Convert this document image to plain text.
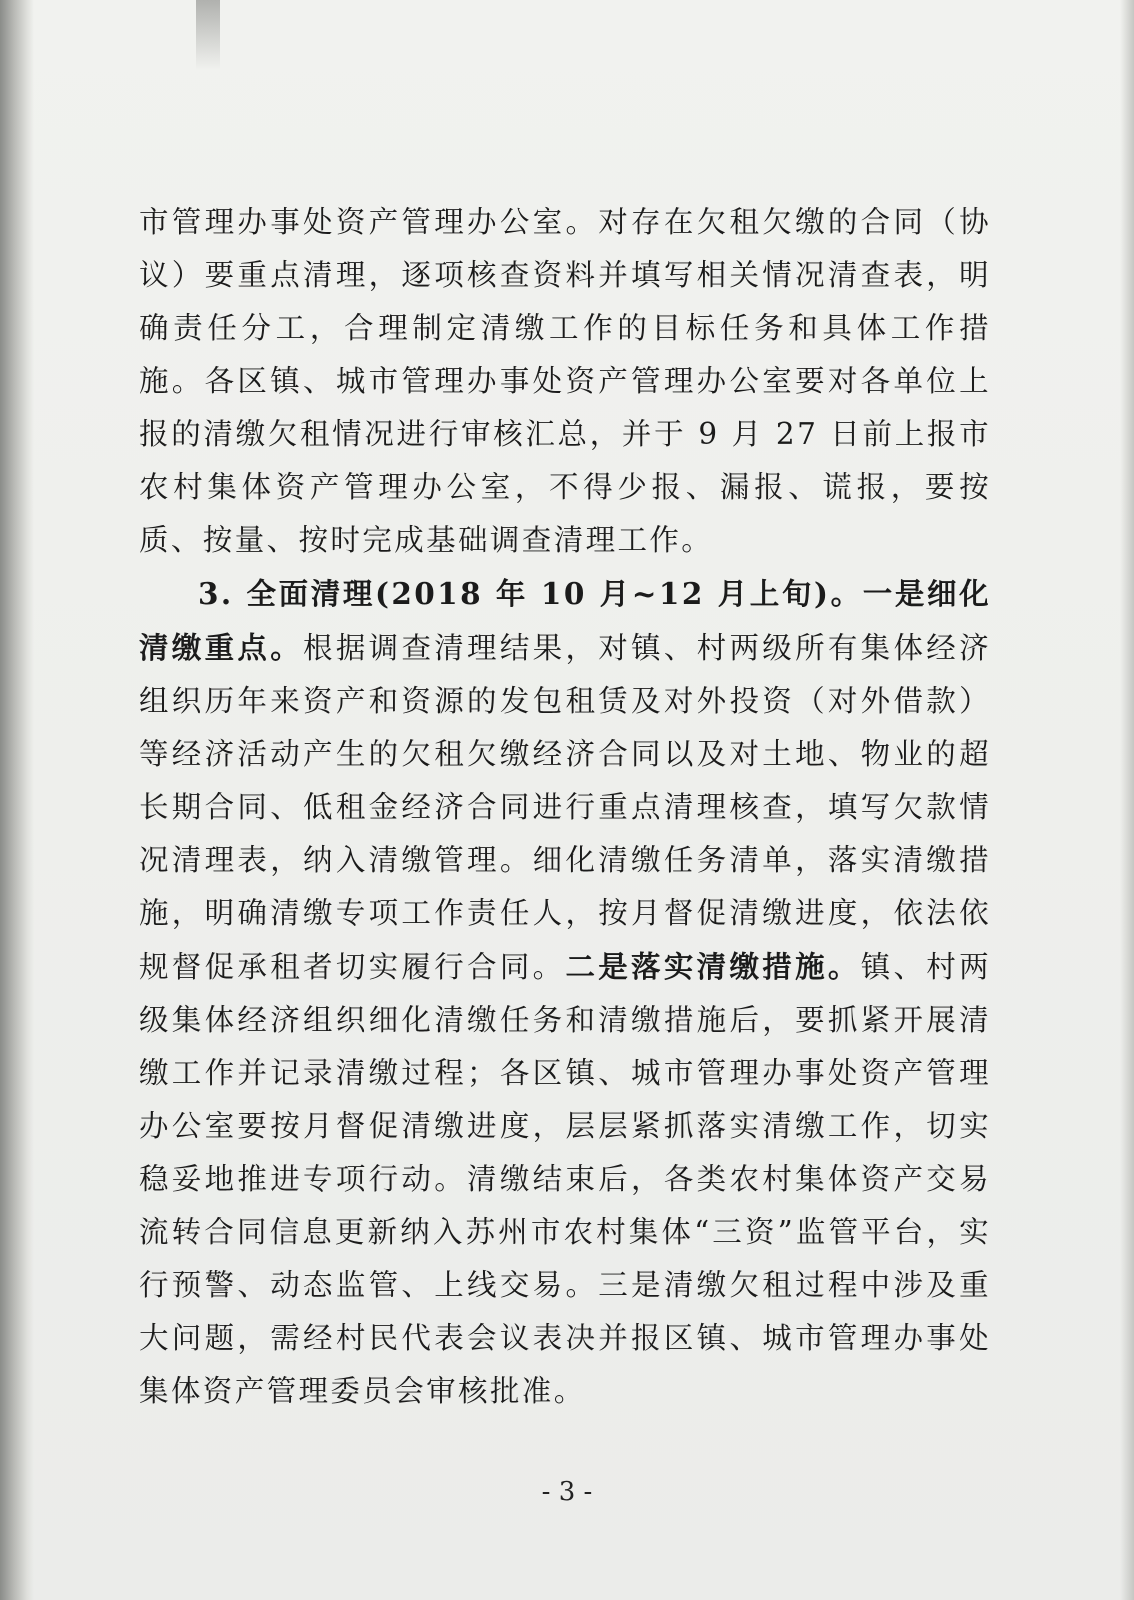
市管理办事处资产管理办公室。对存在欠租欠缴的合同（协议）要重点清理，逐项核查资料并填写相关情况清查表，明确责任分工，合理制定清缴工作的目标任务和具体工作措施。各区镇、城市管理办事处资产管理办公室要对各单位上报的清缴欠租情况进行审核汇总，并于 9 月 27 日前上报市农村集体资产管理办公室，不得少报、漏报、谎报，要按质、按量、按时完成基础调查清理工作。

3. 全面清理(2018 年 10 月~12 月上旬)。一是细化清缴重点。根据调查清理结果，对镇、村两级所有集体经济组织历年来资产和资源的发包租赁及对外投资（对外借款）等经济活动产生的欠租欠缴经济合同以及对土地、物业的超长期合同、低租金经济合同进行重点清理核查，填写欠款情况清理表，纳入清缴管理。细化清缴任务清单，落实清缴措施，明确清缴专项工作责任人，按月督促清缴进度，依法依规督促承租者切实履行合同。二是落实清缴措施。镇、村两级集体经济组织细化清缴任务和清缴措施后，要抓紧开展清缴工作并记录清缴过程；各区镇、城市管理办事处资产管理办公室要按月督促清缴进度，层层紧抓落实清缴工作，切实稳妥地推进专项行动。清缴结束后，各类农村集体资产交易流转合同信息更新纳入苏州市农村集体“三资”监管平台，实行预警、动态监管、上线交易。三是清缴欠租过程中涉及重大问题，需经村民代表会议表决并报区镇、城市管理办事处集体资产管理委员会审核批准。

- 3 -
